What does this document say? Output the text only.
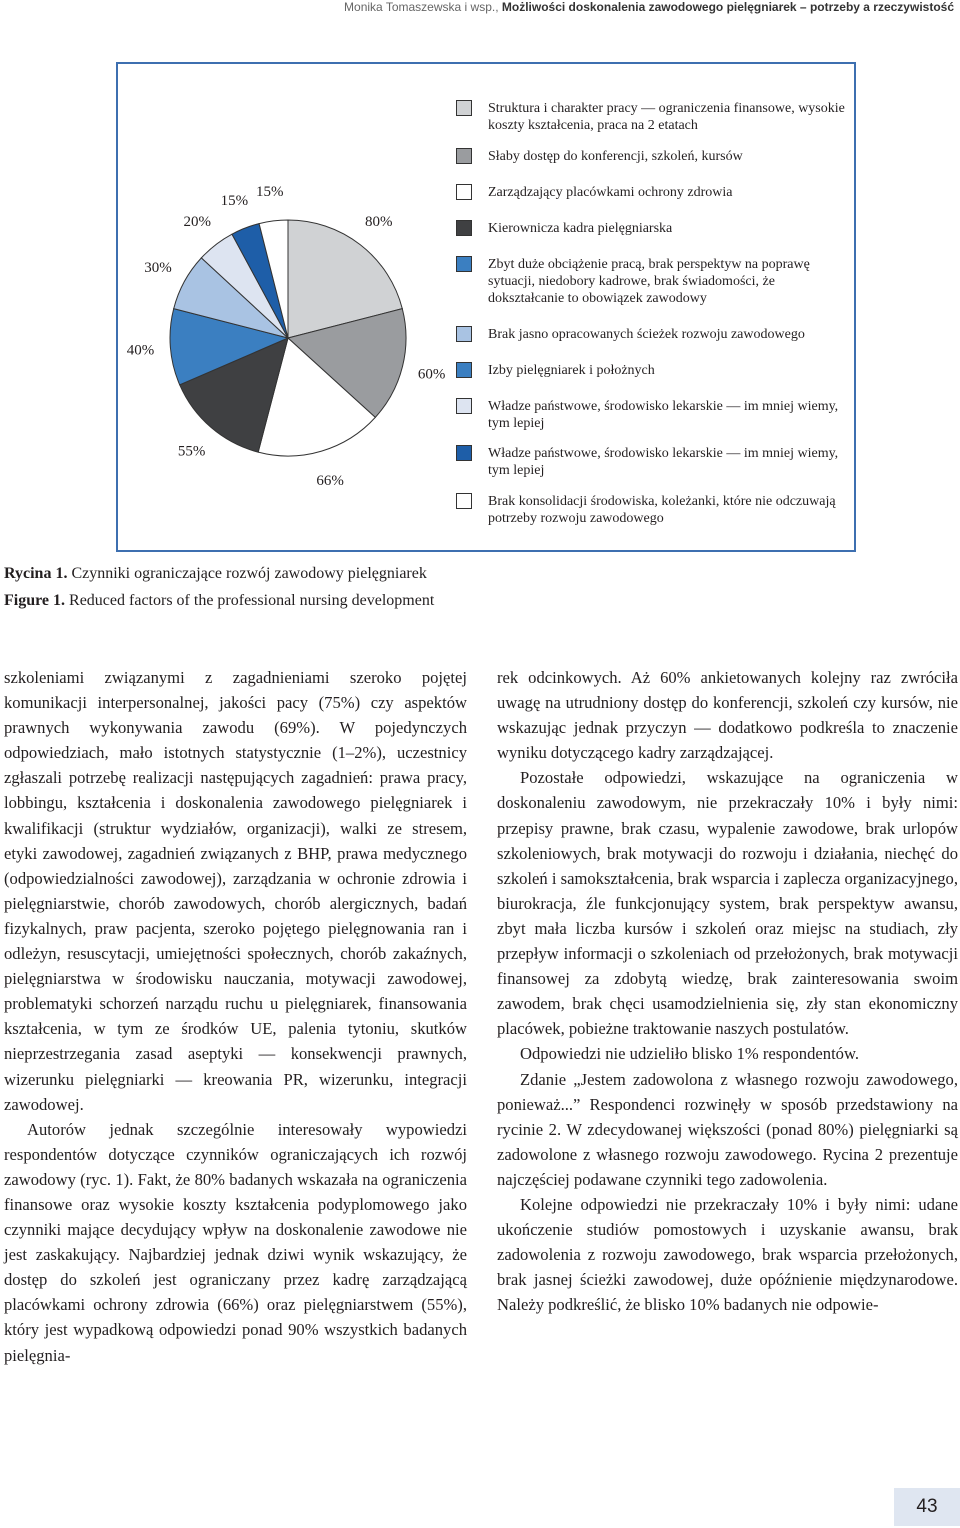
Monika Tomaszewska i wsp., Możliwości doskonalenia zawodowego pielęgniarek – potrzeby a rzeczywistość
80%
60%
66%
55%
40%
30%
20%
15%
15%
Struktura i charakter pracy — ograniczenia finansowe, wysokie koszty kształcenia, praca na 2 etatach
Słaby dostęp do konferencji, szkoleń, kursów
Zarządzający placówkami ochrony zdrowia
Kierownicza kadra pielęgniarska
Zbyt duże obciążenie pracą, brak perspektyw na poprawę sytuacji, niedobory kadrowe, brak świadomości, że dokształcanie to obowiązek zawodowy
Brak jasno opracowanych ścieżek rozwoju zawodowego
Izby pielęgniarek i położnych
Władze państwowe, środowisko lekarskie — im mniej wiemy, tym lepiej
Władze państwowe, środowisko lekarskie — im mniej wiemy, tym lepiej
Brak konsolidacji środowiska, koleżanki, które nie odczuwają potrzeby rozwoju zawodowego
Rycina 1. Czynniki ograniczające rozwój zawodowy pielęgniarek
Figure 1. Reduced factors of the professional nursing development

szkoleniami związanymi z zagadnieniami szeroko pojętej komunikacji interpersonalnej, jakości pacy (75%) czy aspektów prawnych wykonywania zawodu (69%). W pojedynczych odpowiedziach, mało istotnych statystycznie (1–2%), uczestnicy zgłaszali potrzebę realizacji następujących zagadnień: prawa pracy, lobbingu, kształcenia i doskonalenia zawodowego pielęgniarek i kwalifikacji (struktur wydziałów, organizacji), walki ze stresem, etyki zawodowej, zagadnień związanych z BHP, prawa medycznego (odpowiedzialności zawodowej), zarządzania w ochronie zdrowia i pielęgniarstwie, chorób zawodowych, chorób alergicznych, badań fizykalnych, praw pacjenta, szeroko pojętego pielęgnowania ran i odleżyn, resuscytacji, umiejętności społecznych, chorób zakaźnych, pielęgniarstwa w środowisku nauczania, motywacji zawodowej, problematyki schorzeń narządu ruchu u pielęgniarek, finansowania kształcenia, w tym ze środków UE, palenia tytoniu, skutków nieprzestrzegania zasad aseptyki — konsekwencji prawnych, wizerunku pielęgniarki — kreowania PR, wizerunku, integracji zawodowej.

Autorów jednak szczególnie interesowały wypowiedzi respondentów dotyczące czynników ograniczających ich rozwój zawodowy (ryc. 1). Fakt, że 80% badanych wskazała na ograniczenia finansowe oraz wysokie koszty kształcenia podyplomowego jako czynniki mające decydujący wpływ na doskonalenie zawodowe nie jest zaskakujący. Najbardziej jednak dziwi wynik wskazujący, że dostęp do szkoleń jest ograniczany przez kadrę zarządzającą placówkami ochrony zdrowia (66%) oraz pielęgniarstwem (55%), który jest wypadkową odpowiedzi ponad 90% wszystkich badanych pielęgnia-

rek odcinkowych. Aż 60% ankietowanych kolejny raz zwróciła uwagę na utrudniony dostęp do konferencji, szkoleń czy kursów, nie wskazując jednak przyczyn — dodatkowo podkreśla to znaczenie wyniku dotyczącego kadry zarządzającej.

Pozostałe odpowiedzi, wskazujące na ograniczenia w doskonaleniu zawodowym, nie przekraczały 10% i były nimi: przepisy prawne, brak czasu, wypalenie zawodowe, brak urlopów szkoleniowych, brak motywacji do rozwoju i działania, niechęć do szkoleń i samokształcenia, brak wsparcia i zaplecza organizacyjnego, biurokracja, źle funkcjonujący system, brak perspektyw awansu, zbyt mała liczba kursów i szkoleń oraz miejsc na studiach, zły przepływ informacji o szkoleniach od przełożonych, brak motywacji finansowej za zdobytą wiedzę, brak zainteresowania swoim zawodem, brak chęci usamodzielnienia się, zły stan ekonomiczny placówek, pobieżne traktowanie naszych postulatów.

Odpowiedzi nie udzieliło blisko 1% respondentów.

Zdanie „Jestem zadowolona z własnego rozwoju zawodowego, ponieważ...” Respondenci rozwinęły w sposób przedstawiony na rycinie 2. W zdecydowanej większości (ponad 80%) pielęgniarki są zadowolone z własnego rozwoju zawodowego. Rycina 2 prezentuje najczęściej podawane czynniki tego zadowolenia.

Kolejne odpowiedzi nie przekraczały 10% i były nimi: udane ukończenie studiów pomostowych i uzyskanie awansu, brak zadowolenia z rozwoju zawodowego, brak wsparcia przełożonych, brak jasnej ścieżki zawodowej, duże opóźnienie międzynarodowe. Należy podkreślić, że blisko 10% badanych nie odpowie-

43
